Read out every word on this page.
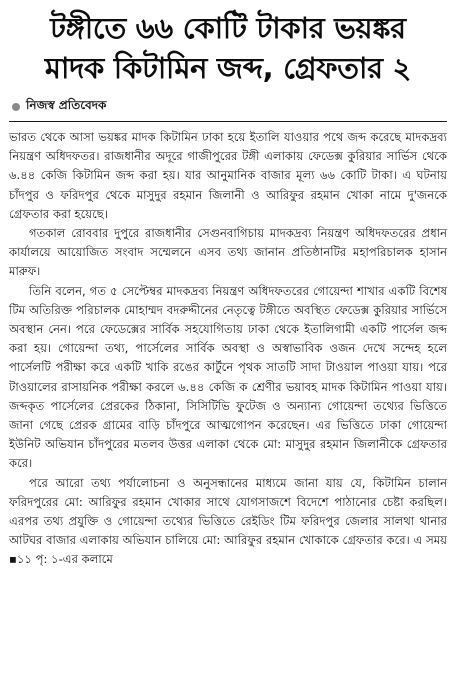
টঙ্গীতে ৬৬ কোটি টাকার ভয়ঙ্কর
মাদক কিটামিন জব্দ, গ্রেফতার ২
নিজস্ব প্রতিবেদক

ভারত থেকে আসা ভয়ঙ্কর মাদক কিটামিন ঢাকা হয়ে ইতালি যাওয়ার পথে জব্দ করেছে মাদকদ্রব্য নিয়ন্ত্রণ অধিদফতর। রাজধানীর অদূরে গাজীপুরের টঙ্গী এলাকায় ফেডেক্স কুরিয়ার সার্ভিস থেকে ৬.৪৪ কেজি কিটামিন জব্দ করা হয়। যার আনুমানিক বাজার মূল্য ৬৬ কোটি টাকা। এ ঘটনায় চাঁদপুর ও ফরিদপুর থেকে মাসুদুর রহমান জিলানী ও আরিফুর রহমান খোকা নামে দু'জনকে গ্রেফতার করা হয়েছে।

গতকাল রোববার দুপুরে রাজধানীর সেগুনবাগিচায় মাদকদ্রব্য নিয়ন্ত্রণ অধিদফতরের প্রধান কার্যালয়ে আয়োজিত সংবাদ সম্মেলনে এসব তথ্য জানান প্রতিষ্ঠানটির মহাপরিচালক হাসান মারুফ।

তিনি বলেন, গত ৫ সেপ্টেম্বর মাদকদ্রব্য নিয়ন্ত্রণ অধিদফতরের গোয়েন্দা শাখার একটি বিশেষ টিম অতিরিক্ত পরিচালক মোহাম্মদ বদরুদ্দীনের নেতৃত্বে টঙ্গীতে অবস্থিত ফেডেক্স কুরিয়ার সার্ভিসে অবস্থান নেন। পরে ফেডেক্সের সার্বিক সহযোগিতায় ঢাকা থেকে ইতালিগামী একটি পার্সেল জব্দ করা হয়। গোয়েন্দা তথ্য, পার্সেলের সার্বিক অবস্থা ও অস্বাভাবিক ওজন দেখে সন্দেহ হলে পার্সেলটি পরীক্ষা করে একটি খাকি রঙের কার্টুনে পৃথক সাতটি সাদা টাওয়াল পাওয়া যায়। পরে টাওয়ালের রাসায়নিক পরীক্ষা করলে ৬.৪৪ কেজি ক শ্রেণীর ভয়াবহ মাদক কিটামিন পাওয়া যায়। জব্দকৃত পার্সেলের প্রেরকের ঠিকানা, সিসিটিভি ফুটেজ ও অন্যান্য গোয়েন্দা তথ্যের ভিত্তিতে জানা গেছে প্রেরক গ্রামের বাড়ি চাঁদপুরে আত্মগোপন করেছেন। এর ভিত্তিতে ঢাকা গোয়েন্দা ইউনিট অভিযান চাঁদপুরের মতলব উত্তর এলাকা থেকে মো: মাসুদুর রহমান জিলানীকে গ্রেফতার করে।

পরে আরো তথ্য পর্যালোচনা ও অনুসন্ধানের মাধ্যমে জানা যায় যে, কিটামিন চালান ফরিদপুরের মো: আরিফুর রহমান খোকার সাথে যোগসাজশে বিদেশে পাঠানোর চেষ্টা করছিল। এরপর তথ্য প্রযুক্তি ও গোয়েন্দা তথ্যের ভিত্তিতে রেইডিং টিম ফরিদপুর জেলার সালথা থানার আটঘর বাজার এলাকায় অভিযান চালিয়ে মো: আরিফুর রহমান খোকাকে গ্রেফতার করে। এ সময় ▪১১ পৃ: ১-এর কলামে
